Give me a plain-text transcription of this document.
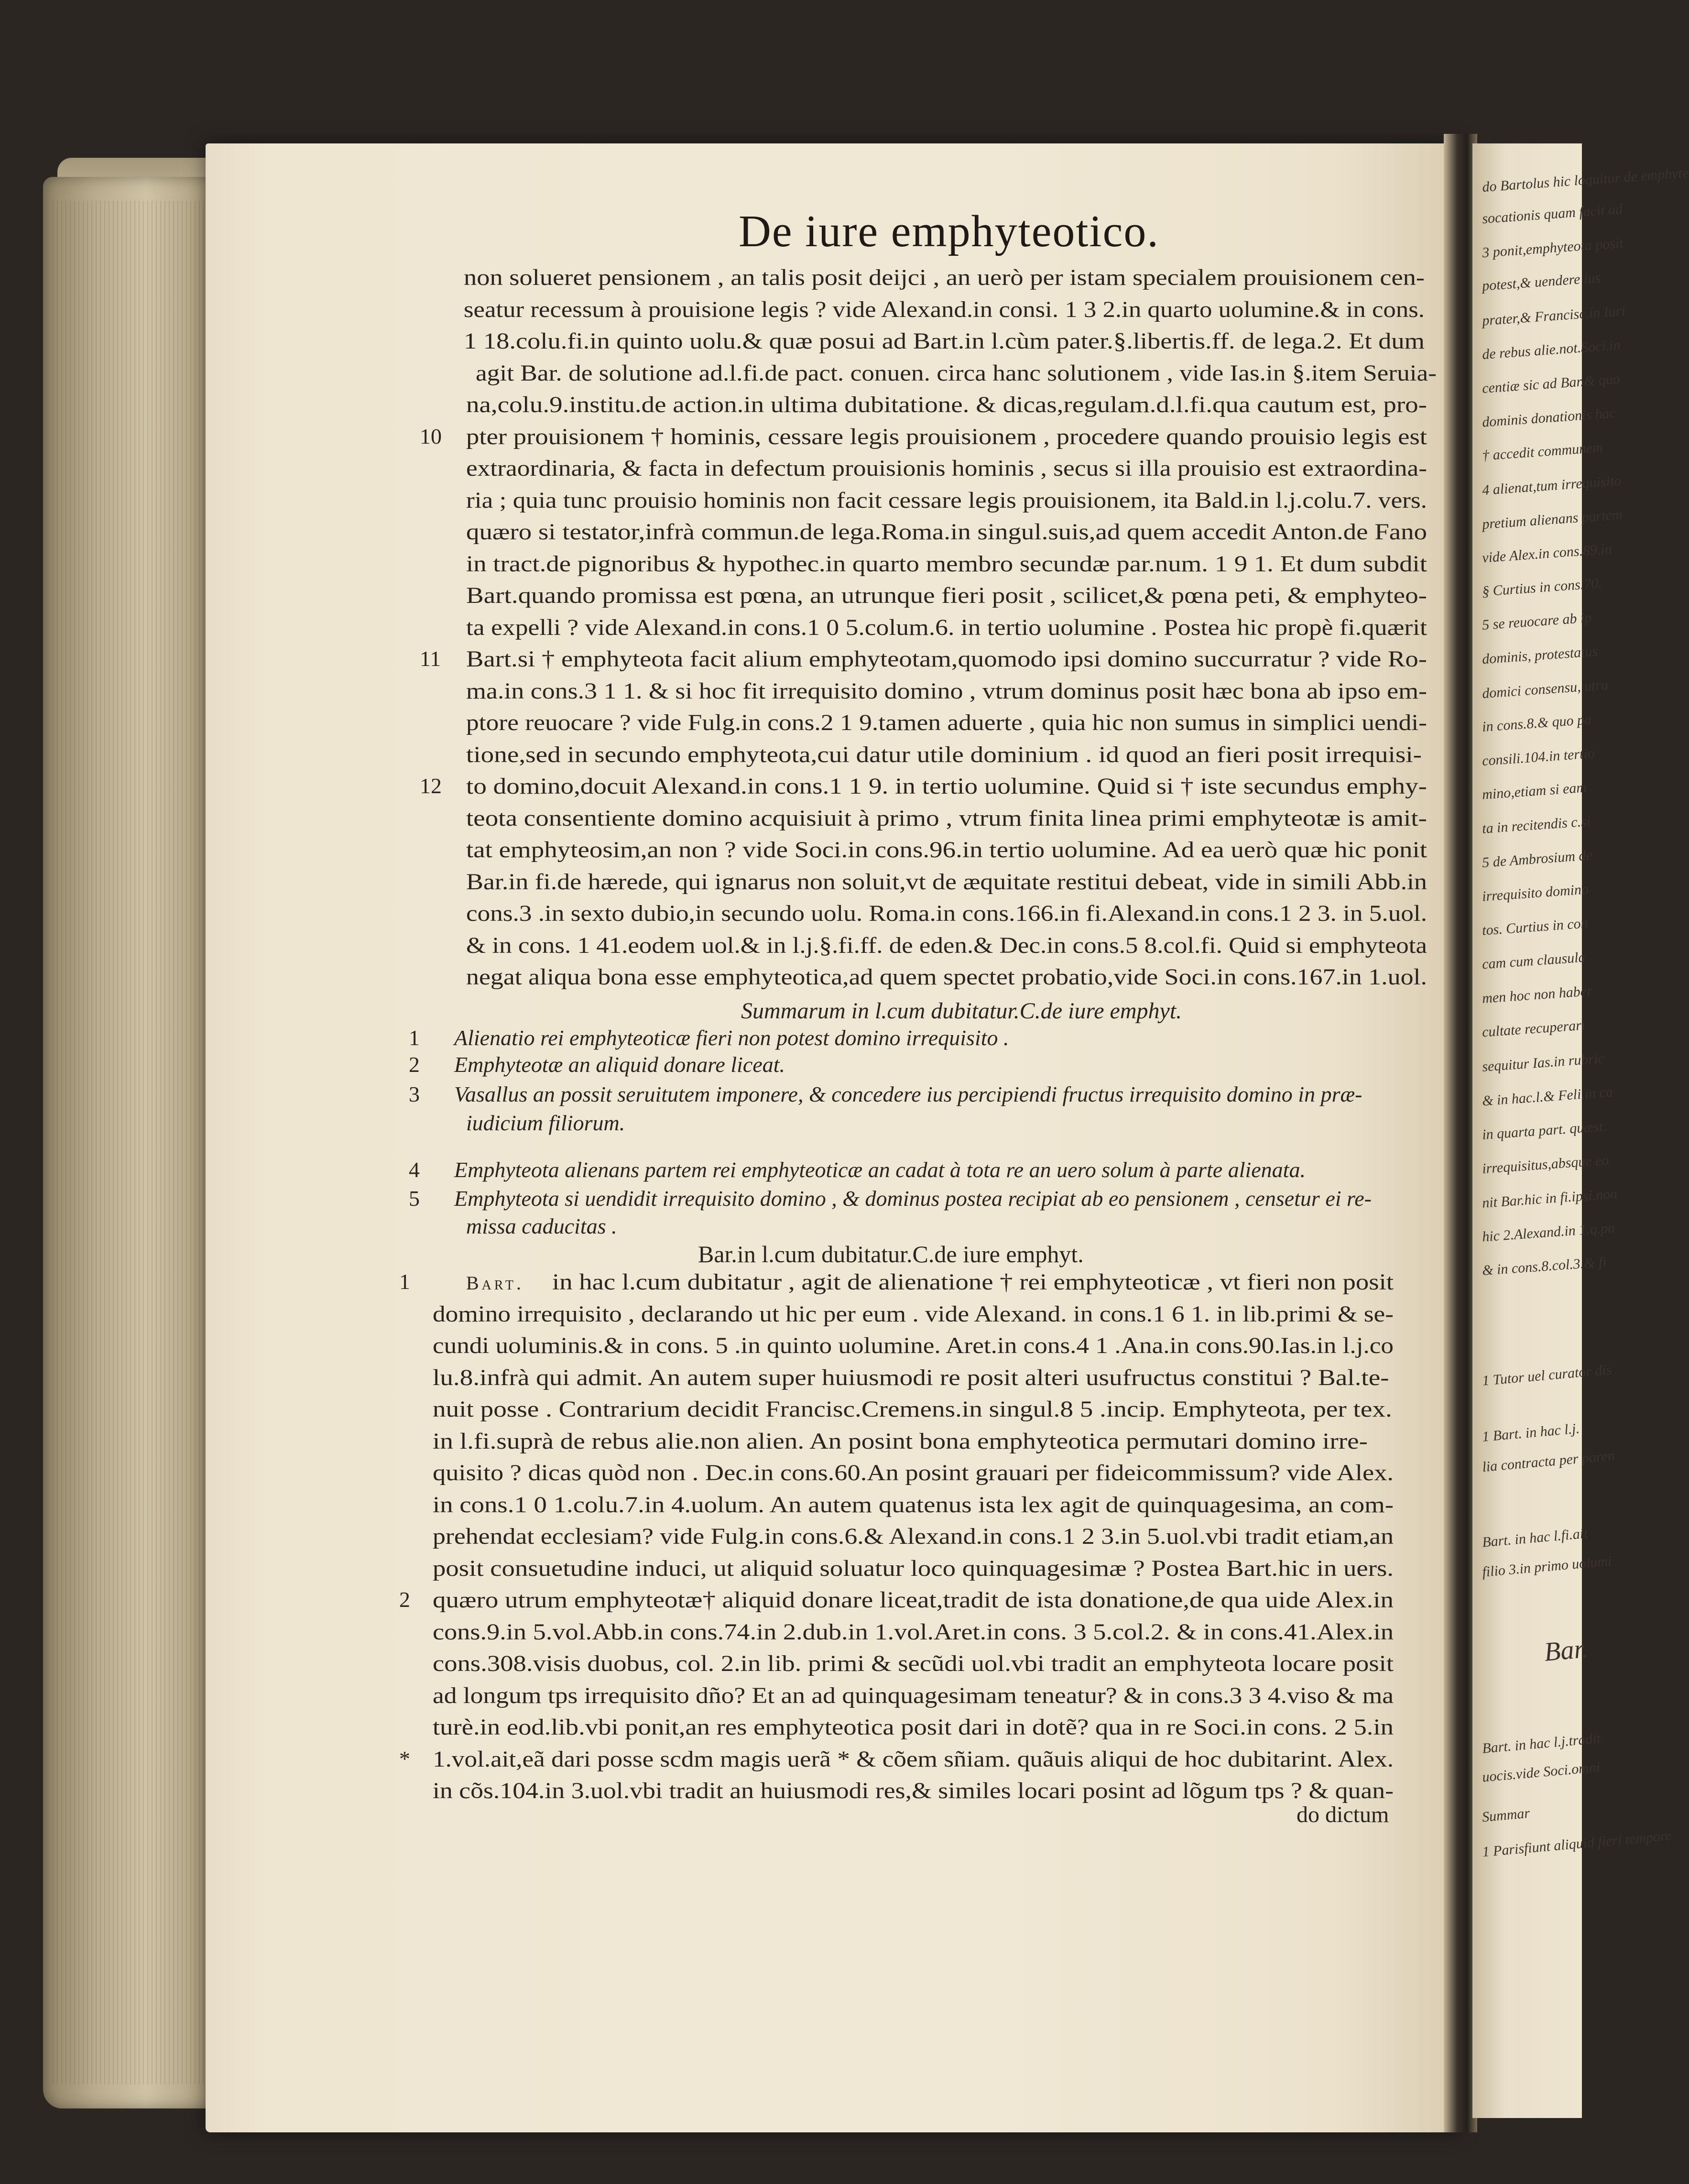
do Bartolus hic loquitur de emphyte
socationis quam facit ad
3 ponit,emphyteota posit
potest,& uendere ius
prater,& Francisc.in Iuri
de rebus alie.not.Soci.in
centiæ sic ad Bar.& quo
dominis donationis hac
† accedit communem
4 alienat,tum irrequisito
pretium alienans partem
vide Alex.in cons.89.in
§ Curtius in cons.70.
5 se reuocare ab ip
dominis, protestatus
domici consensu, utru
in cons.8.& quo pa
consili.104.in tertio
mino,etiam si eam
ta in recitendis c.si
5 de Ambrosium de
irrequisito domino
tos. Curtius in con
cam cum clausula
men hoc non haber
cultate recuperari
sequitur Ias.in rubric
& in hac.l.& Feli.in ca
in quarta part. quæst.
irrequisitus,absque eo
nit Bar.hic in fi.ipsi.non
hic 2.Alexand.in 1.q.pa
& in cons.8.col.3.& fi
1 Tutor uel curator dis
1 Bart. in hac l.j.
lia contracta per paren
Bart. in hac l.fi.ait
filio 3.in primo uolumi
Bar.
Bart. in hac l.j.tradit
uocis.vide Soci.omni
Summar
1 Parisfiunt aliquid fieri tempore
De iure emphyteotico.
non solueret pensionem , an talis posit deijci , an uerò per istam specialem prouisionem cen-
seatur recessum à prouisione legis ? vide Alexand.in consi. 1 3 2.in quarto uolumine.& in cons.
1 18.colu.fi.in quinto uolu.& quæ posui ad Bart.in l.cùm pater.§.libertis.ff. de lega.2. Et dum
agit Bar. de solutione ad.l.fi.de pact. conuen. circa hanc solutionem , vide Ias.in §.item Seruia-
na,colu.9.institu.de action.in ultima dubitatione. & dicas,regulam.d.l.fi.qua cautum est, pro-
pter prouisionem † hominis, cessare legis prouisionem , procedere quando prouisio legis est
extraordinaria, & facta in defectum prouisionis hominis , secus si illa prouisio est extraordina-
ria ; quia tunc prouisio hominis non facit cessare legis prouisionem, ita Bald.in l.j.colu.7. vers.
quæro si testator,infrà commun.de lega.Roma.in singul.suis,ad quem accedit Anton.de Fano
in tract.de pignoribus & hypothec.in quarto membro secundæ par.num. 1 9 1. Et dum subdit
Bart.quando promissa est pœna, an utrunque fieri posit , scilicet,& pœna peti, & emphyteo-
ta expelli ? vide Alexand.in cons.1 0 5.colum.6. in tertio uolumine . Postea hic propè fi.quærit
Bart.si † emphyteota facit alium emphyteotam,quomodo ipsi domino succurratur ? vide Ro-
ma.in cons.3 1 1. & si hoc fit irrequisito domino , vtrum dominus posit hæc bona ab ipso em-
ptore reuocare ? vide Fulg.in cons.2 1 9.tamen aduerte , quia hic non sumus in simplici uendi-
tione,sed in secundo emphyteota,cui datur utile dominium . id quod an fieri posit irrequisi-
to domino,docuit Alexand.in cons.1 1 9. in tertio uolumine. Quid si † iste secundus emphy-
teota consentiente domino acquisiuit à primo , vtrum finita linea primi emphyteotæ is amit-
tat emphyteosim,an non ? vide Soci.in cons.96.in tertio uolumine. Ad ea uerò quæ hic ponit
Bar.in fi.de hærede, qui ignarus non soluit,vt de æquitate restitui debeat, vide in simili Abb.in
cons.3 .in sexto dubio,in secundo uolu. Roma.in cons.166.in fi.Alexand.in cons.1 2 3. in 5.uol.
& in cons. 1 41.eodem uol.& in l.j.§.fi.ff. de eden.& Dec.in cons.5 8.col.fi. Quid si emphyteota
negat aliqua bona esse emphyteotica,ad quem spectet probatio,vide Soci.in cons.167.in 1.uol.
10
11
12
Summarum in l.cum dubitatur.C.de iure emphyt.
1 Alienatio rei emphyteoticæ fieri non potest domino irrequisito .
2 Emphyteotæ an aliquid donare liceat.
3 Vasallus an possit seruitutem imponere, & concedere ius percipiendi fructus irrequisito domino in præ-
iudicium filiorum.
4 Emphyteota alienans partem rei emphyteoticæ an cadat à tota re an uero solum à parte alienata.
5 Emphyteota si uendidit irrequisito domino , & dominus postea recipiat ab eo pensionem , censetur ei re-
missa caducitas .
Bar.in l.cum dubitatur.C.de iure emphyt.
Bart. in hac l.cum dubitatur , agit de alienatione † rei emphyteoticæ , vt fieri non posit
domino irrequisito , declarando ut hic per eum . vide Alexand. in cons.1 6 1. in lib.primi & se-
cundi uoluminis.& in cons. 5 .in quinto uolumine. Aret.in cons.4 1 .Ana.in cons.90.Ias.in l.j.co
lu.8.infrà qui admit. An autem super huiusmodi re posit alteri usufructus constitui ? Bal.te-
nuit posse . Contrarium decidit Francisc.Cremens.in singul.8 5 .incip. Emphyteota, per tex.
in l.fi.suprà de rebus alie.non alien. An posint bona emphyteotica permutari domino irre-
quisito ? dicas quòd non . Dec.in cons.60.An posint grauari per fideicommissum? vide Alex.
in cons.1 0 1.colu.7.in 4.uolum. An autem quatenus ista lex agit de quinquagesima, an com-
prehendat ecclesiam? vide Fulg.in cons.6.& Alexand.in cons.1 2 3.in 5.uol.vbi tradit etiam,an
posit consuetudine induci, ut aliquid soluatur loco quinquagesimæ ? Postea Bart.hic in uers.
quæro utrum emphyteotæ† aliquid donare liceat,tradit de ista donatione,de qua uide Alex.in
cons.9.in 5.vol.Abb.in cons.74.in 2.dub.in 1.vol.Aret.in cons. 3 5.col.2. & in cons.41.Alex.in
cons.308.visis duobus, col. 2.in lib. primi & secũdi uol.vbi tradit an emphyteota locare posit
ad longum tps irrequisito dño? Et an ad quinquagesimam teneatur? & in cons.3 3 4.viso & ma
turè.in eod.lib.vbi ponit,an res emphyteotica posit dari in dotẽ? qua in re Soci.in cons. 2 5.in
1.vol.ait,eã dari posse scdm magis uerã * & cõem sñiam. quãuis aliqui de hoc dubitarint. Alex.
in cõs.104.in 3.uol.vbi tradit an huiusmodi res,& similes locari posint ad lõgum tps ? & quan-
1
2
*
do dictum
